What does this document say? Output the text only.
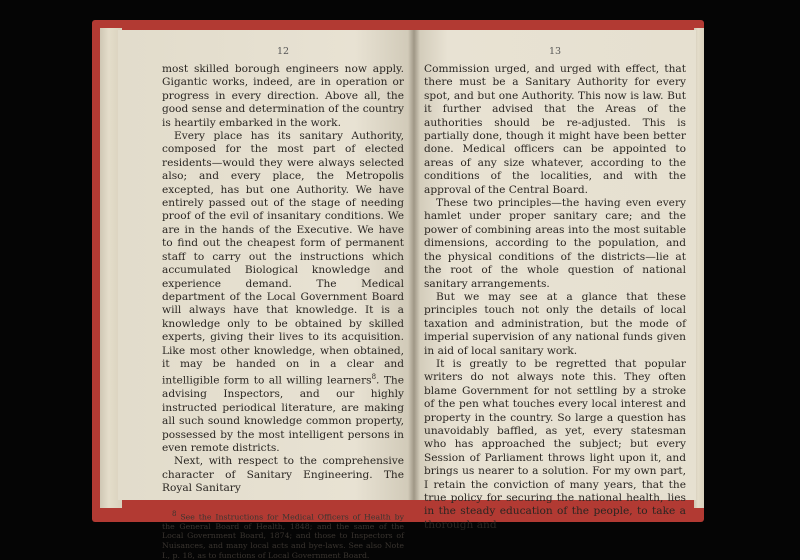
12

most skilled borough engineers now apply. Gigantic works, indeed, are in operation or progress in every direction. Above all, the good sense and determination of the country is heartily embarked in the work.

Every place has its sanitary Authority, composed for the most part of elected residents—would they were always selected also; and every place, the Metropolis excepted, has but one Authority. We have entirely passed out of the stage of needing proof of the evil of insanitary conditions. We are in the hands of the Executive. We have to find out the cheapest form of permanent staff to carry out the instructions which accumulated Biological knowledge and experience demand. The Medical department of the Local Government Board will always have that knowledge. It is a knowledge only to be obtained by skilled experts, giving their lives to its acquisition. Like most other knowledge, when obtained, it may be handed on in a clear and intelligible form to all willing learners$^8$. The advising Inspectors, and our highly instructed periodical literature, are making all such sound knowledge common property, possessed by the most intelligent persons in even remote districts.

Next, with respect to the comprehensive character of Sanitary Engineering. The Royal Sanitary

$^8$ See the Instructions for Medical Officers of Health by the General Board of Health, 1848; and the same of the Local Government Board, 1874; and those to Inspectors of Nuisances, and many local acts and bye-laws. See also Note I., p. 18, as to functions of Local Government Board.

13

Commission urged, and urged with effect, that there must be a Sanitary Authority for every spot, and but one Authority. This now is law. But it further advised that the Areas of the authorities should be re-adjusted. This is partially done, though it might have been better done. Medical officers can be appointed to areas of any size whatever, according to the conditions of the localities, and with the approval of the Central Board.

These two principles—the having even every hamlet under proper sanitary care; and the power of combining areas into the most suitable dimensions, according to the population, and the physical conditions of the districts—lie at the root of the whole question of national sanitary arrangements.

But we may see at a glance that these principles touch not only the details of local taxation and administration, but the mode of imperial supervision of any national funds given in aid of local sanitary work.

It is greatly to be regretted that popular writers do not always note this. They often blame Government for not settling by a stroke of the pen what touches every local interest and property in the country. So large a question has unavoidably baffled, as yet, every statesman who has approached the subject; but every Session of Parliament throws light upon it, and brings us nearer to a solution. For my own part, I retain the conviction of many years, that the true policy for securing the national health, lies in the steady education of the people, to take a thorough and
